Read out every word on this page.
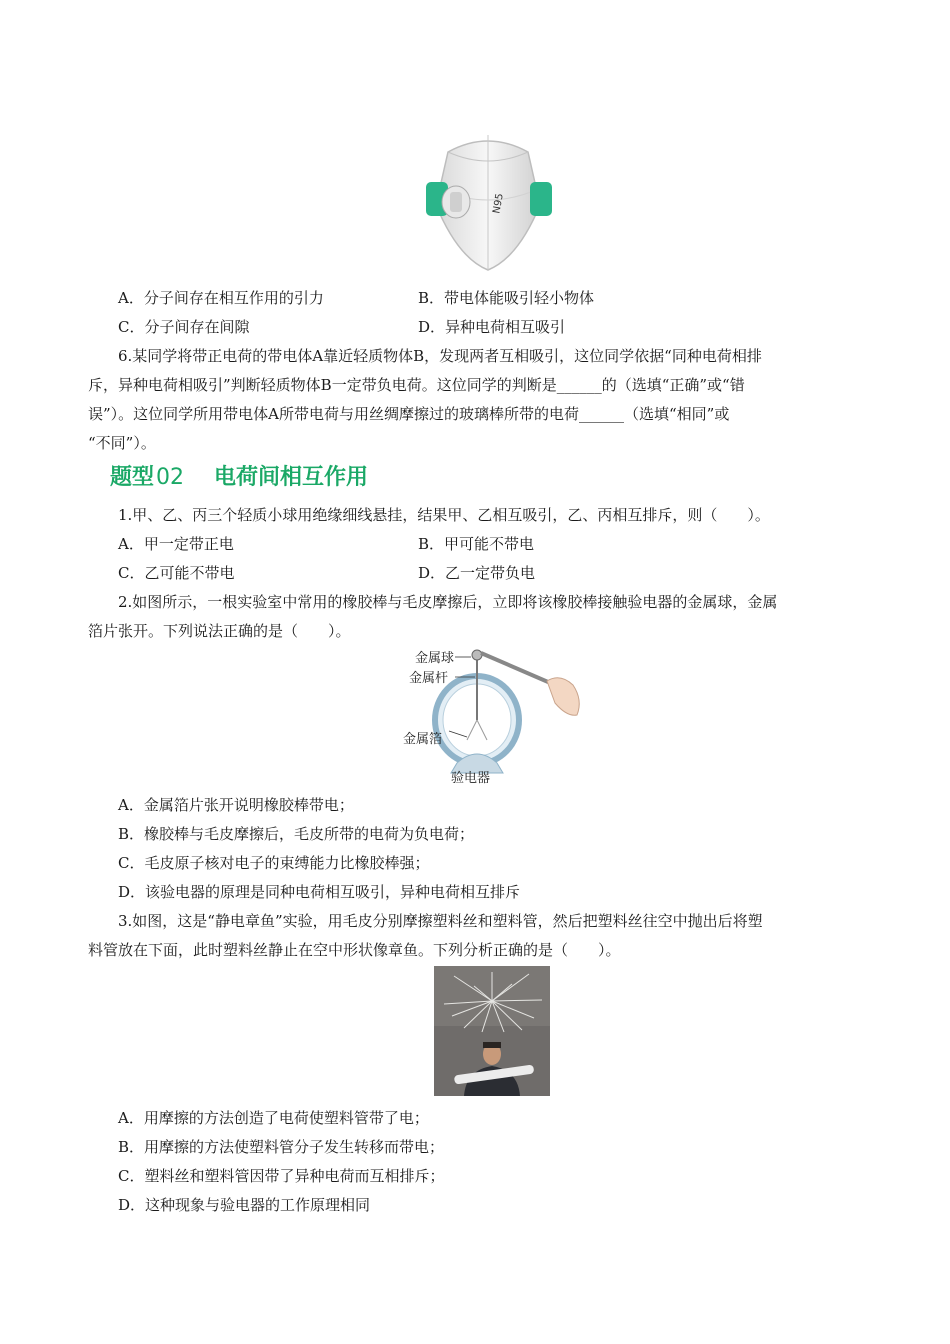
N95
A．分子间存在相互作用的引力	B．带电体能吸引轻小物体
C．分子间存在间隙	D．异种电荷相互吸引
6.某同学将带正电荷的带电体A靠近轻质物体B，发现两者互相吸引，这位同学依据“同种电荷相排
斥，异种电荷相吸引”判断轻质物体B一定带负电荷。这位同学的判断是______的（选填“正确”或“错
误”）。这位同学所用带电体A所带电荷与用丝绸摩擦过的玻璃棒所带的电荷______（选填“相同”或
“不同”）。
题型02 电荷间相互作用
1.甲、乙、丙三个轻质小球用绝缘细线悬挂，结果甲、乙相互吸引，乙、丙相互排斥，则（　　）。
A．甲一定带正电	B．甲可能不带电
C．乙可能不带电	D．乙一定带负电
2.如图所示，一根实验室中常用的橡胶棒与毛皮摩擦后，立即将该橡胶棒接触验电器的金属球，金属
箔片张开。下列说法正确的是（　　）。
金属球
金属杆
金属箔
验电器
A．金属箔片张开说明橡胶棒带电；
B．橡胶棒与毛皮摩擦后，毛皮所带的电荷为负电荷；
C．毛皮原子核对电子的束缚能力比橡胶棒强；
D．该验电器的原理是同种电荷相互吸引，异种电荷相互排斥
3.如图，这是“静电章鱼”实验，用毛皮分别摩擦塑料丝和塑料管，然后把塑料丝往空中抛出后将塑
料管放在下面，此时塑料丝静止在空中形状像章鱼。下列分析正确的是（　　）。
A．用摩擦的方法创造了电荷使塑料管带了电；
B．用摩擦的方法使塑料管分子发生转移而带电；
C．塑料丝和塑料管因带了异种电荷而互相排斥；
D．这种现象与验电器的工作原理相同
